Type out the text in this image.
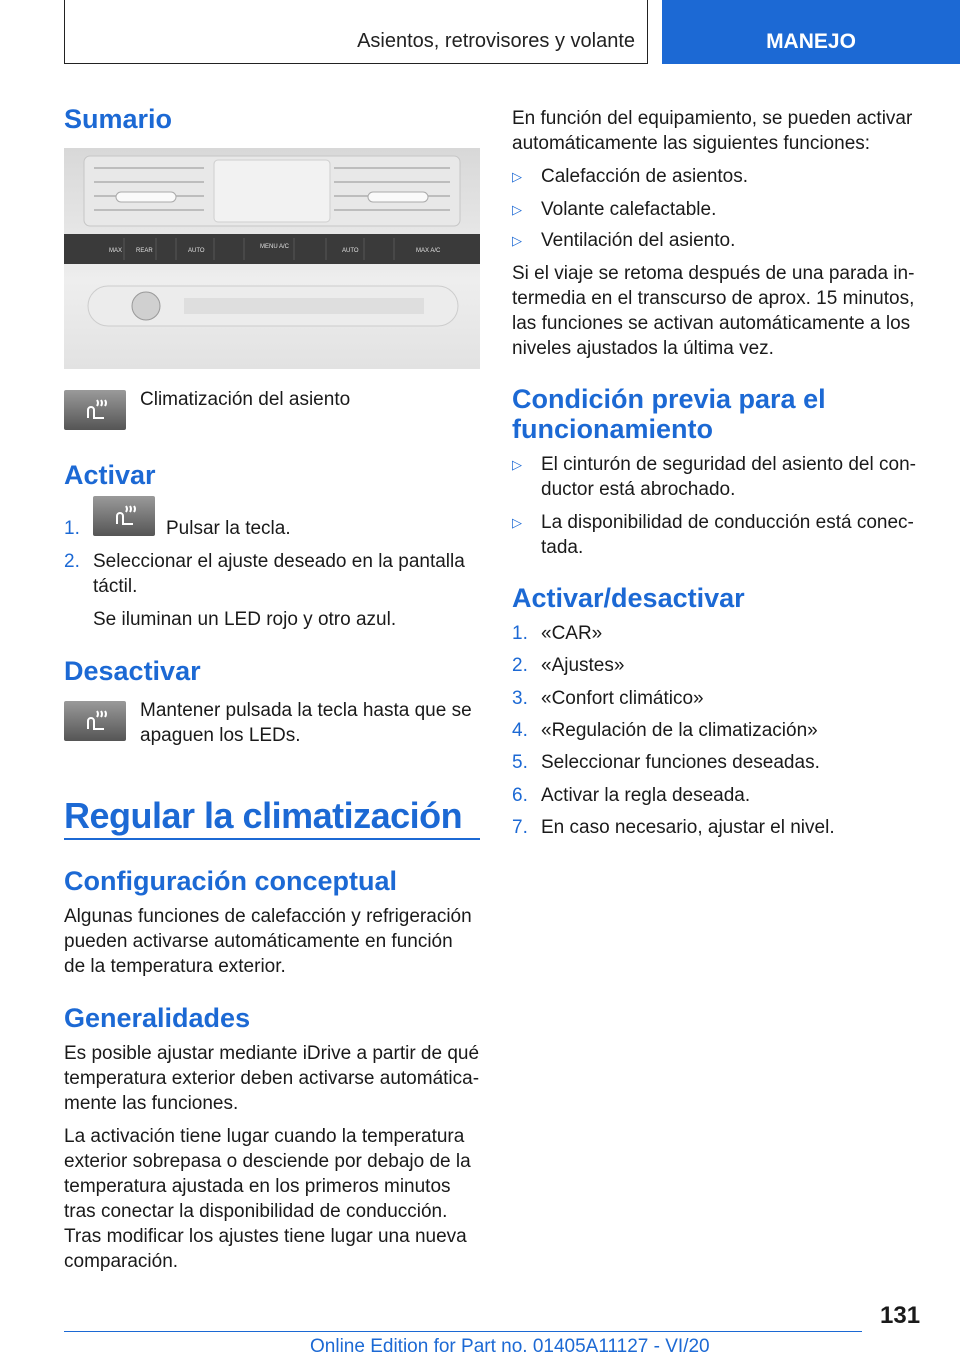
Asientos, retrovisores y volante	MANEJO
Sumario
MAX REAR	AUTO
MENU A/C
AUTO	MAX A/C

Climatización del asiento

Activar
1.	Pulsar la tecla.
2. Seleccionar el ajuste deseado en la pantalla

táctil.

Se iluminan un LED rojo y otro azul.

Desactivar

Mantener pulsada la tecla hasta que se

apaguen los LEDs.

Regular la climatización
Configuración conceptual

Algunas funciones de calefacción y refrigeración

pueden activarse automáticamente en función

de la temperatura exterior.

Generalidades

Es posible ajustar mediante iDrive a partir de qué

temperatura exterior deben activarse automática-

mente las funciones.

La activación tiene lugar cuando la temperatura

exterior sobrepasa o desciende por debajo de la

temperatura ajustada en los primeros minutos

tras conectar la disponibilidad de conducción.

Tras modificar los ajustes tiene lugar una nueva

comparación.

En función del equipamiento, se pueden activar

automáticamente las siguientes funciones:

▷ Calefacción de asientos.
▷ Volante calefactable.
▷ Ventilación del asiento.

Si el viaje se retoma después de una parada in-

termedia en el transcurso de aprox. 15 minutos,

las funciones se activan automáticamente a los

niveles ajustados la última vez.

Condición previa para el
funcionamiento
▷ El cinturón de seguridad del asiento del con-

ductor está abrochado.

▷ La disponibilidad de conducción está conec-

tada.

Activar/desactivar
1. «CAR»
2. «Ajustes»
3. «Confort climático»
4. «Regulación de la climatización»
5. Seleccionar funciones deseadas.
6. Activar la regla deseada.
7. En caso necesario, ajustar el nivel.
131
Online Edition for Part no. 01405A11127 - VI/20
